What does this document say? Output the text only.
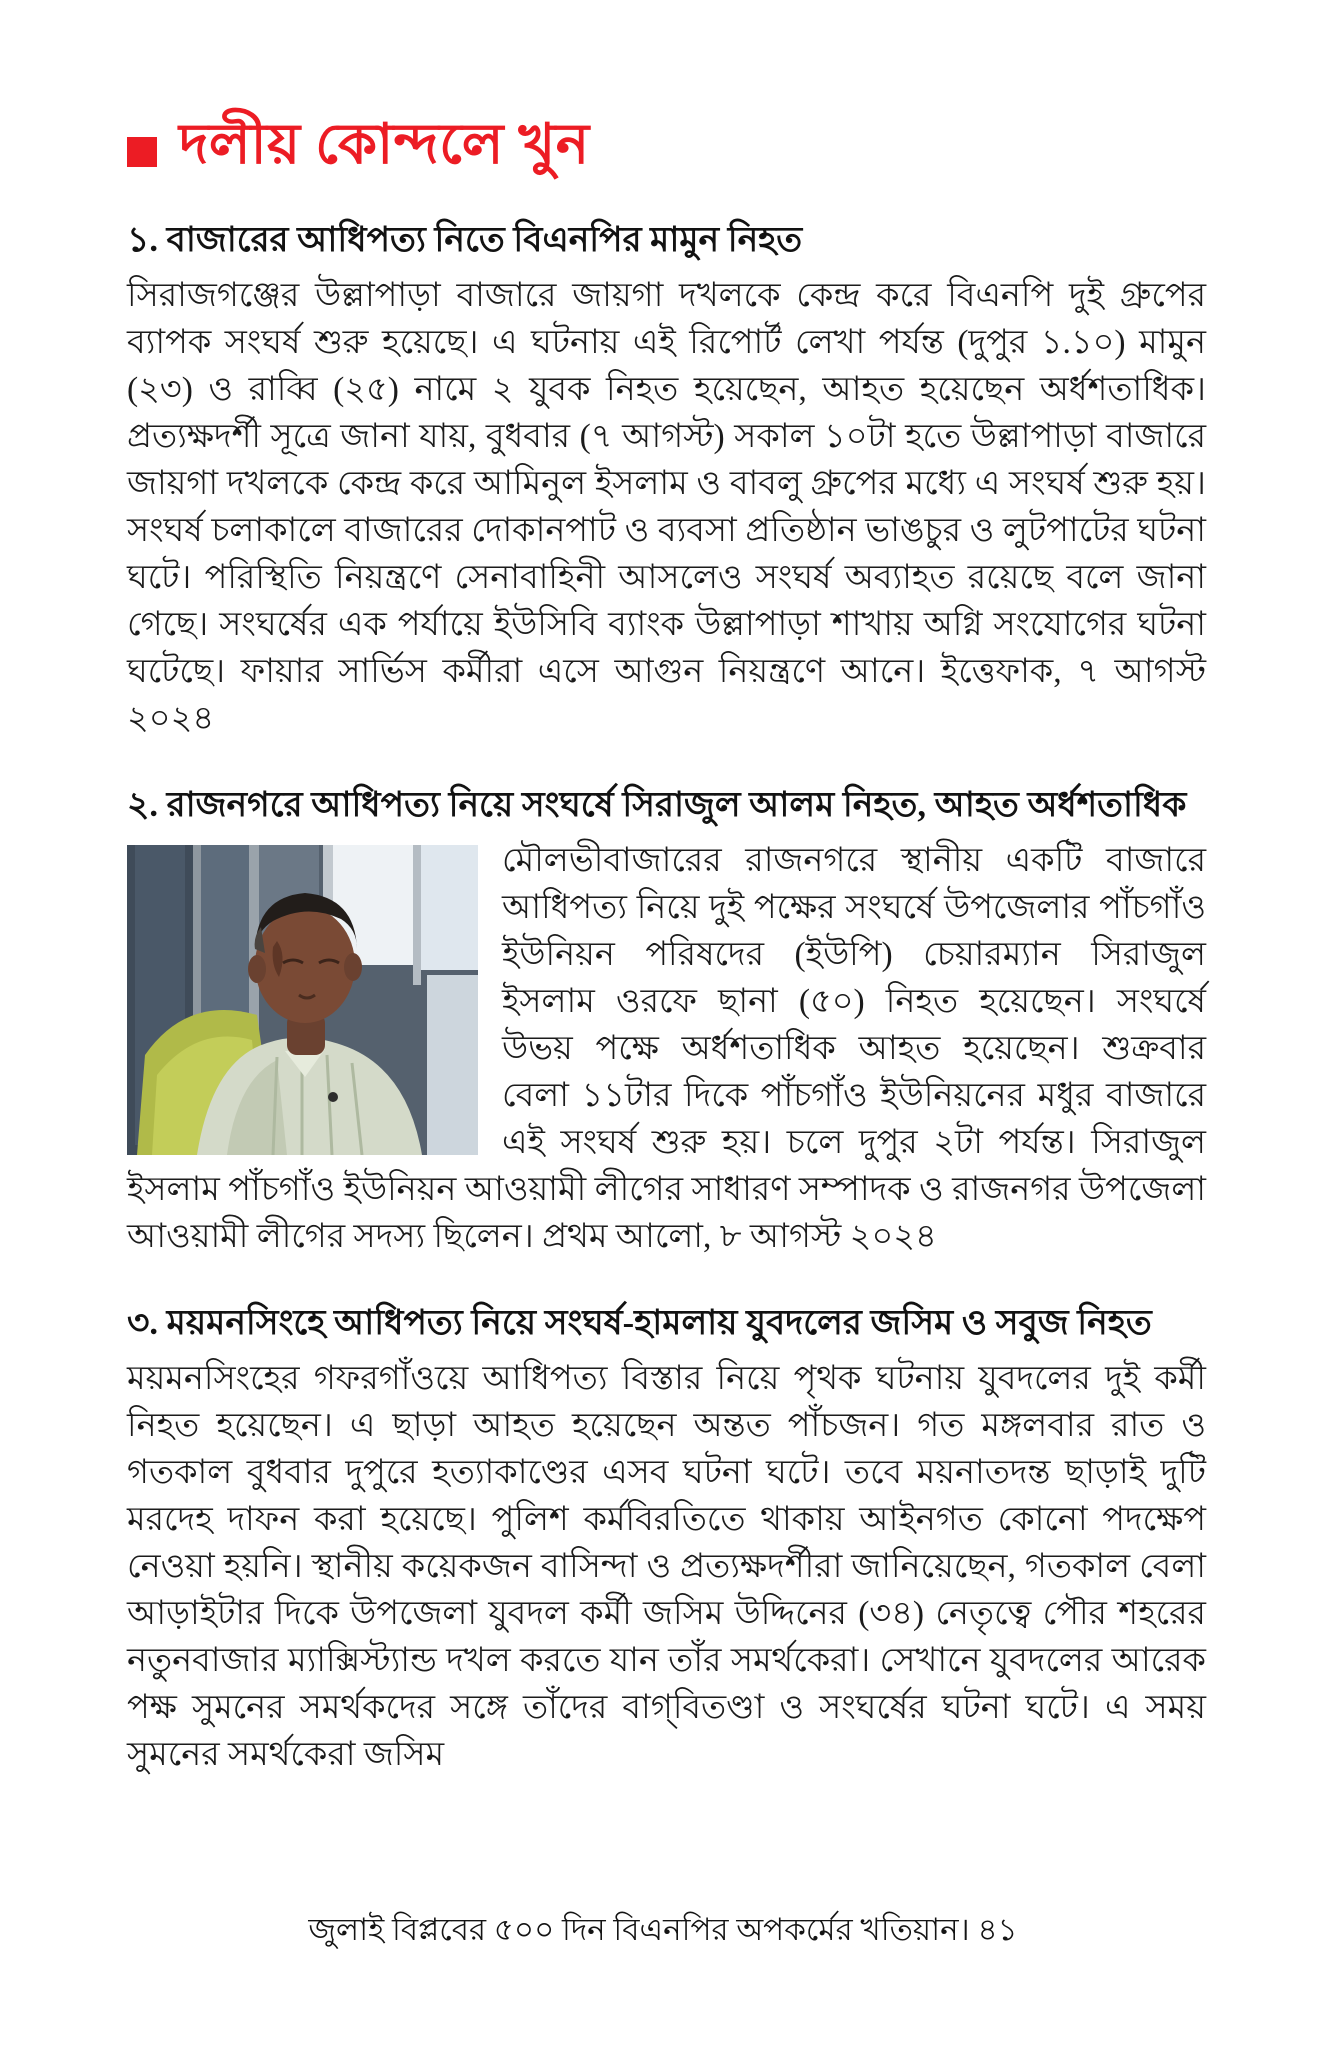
দলীয় কোন্দলে খুন
১. বাজারের আধিপত্য নিতে বিএনপির মামুন নিহত

সিরাজগঞ্জের উল্লাপাড়া বাজারে জায়গা দখলকে কেন্দ্র করে বিএনপি দুই গ্রুপের ব্যাপক সংঘর্ষ শুরু হয়েছে। এ ঘটনায় এই রিপোর্ট লেখা পর্যন্ত (দুপুর ১.১০) মামুন (২৩) ও রাব্বি (২৫) নামে ২ যুবক নিহত হয়েছেন, আহত হয়েছেন অর্ধশতাধিক। প্রত্যক্ষদর্শী সূত্রে জানা যায়, বুধবার (৭ আগস্ট) সকাল ১০টা হতে উল্লাপাড়া বাজারে জায়গা দখলকে কেন্দ্র করে আমিনুল ইসলাম ও বাবলু গ্রুপের মধ্যে এ সংঘর্ষ শুরু হয়। সংঘর্ষ চলাকালে বাজারের দোকানপাট ও ব্যবসা প্রতিষ্ঠান ভাঙচুর ও লুটপাটের ঘটনা ঘটে। পরিস্থিতি নিয়ন্ত্রণে সেনাবাহিনী আসলেও সংঘর্ষ অব্যাহত রয়েছে বলে জানা গেছে। সংঘর্ষের এক পর্যায়ে ইউসিবি ব্যাংক উল্লাপাড়া শাখায় অগ্নি সংযোগের ঘটনা ঘটেছে। ফায়ার সার্ভিস কর্মীরা এসে আগুন নিয়ন্ত্রণে আনে। ইত্তেফাক, ৭ আগস্ট ২০২৪

২. রাজনগরে আধিপত্য নিয়ে সংঘর্ষে সিরাজুল আলম নিহত, আহত অর্ধশতাধিক

মৌলভীবাজারের রাজনগরে স্থানীয় একটি বাজারে আধিপত্য নিয়ে দুই পক্ষের সংঘর্ষে উপজেলার পাঁচগাঁও ইউনিয়ন পরিষদের (ইউপি) চেয়ারম্যান সিরাজুল ইসলাম ওরফে ছানা (৫০) নিহত হয়েছেন। সংঘর্ষে উভয় পক্ষে অর্ধশতাধিক আহত হয়েছেন। শুক্রবার বেলা ১১টার দিকে পাঁচগাঁও ইউনিয়নের মধুর বাজারে এই সংঘর্ষ শুরু হয়। চলে দুপুর ২টা পর্যন্ত। সিরাজুল ইসলাম পাঁচগাঁও ইউনিয়ন আওয়ামী লীগের সাধারণ সম্পাদক ও রাজনগর উপজেলা আওয়ামী লীগের সদস্য ছিলেন। প্রথম আলো, ৮ আগস্ট ২০২৪

৩. ময়মনসিংহে আধিপত্য নিয়ে সংঘর্ষ-হামলায় যুবদলের জসিম ও সবুজ নিহত

ময়মনসিংহের গফরগাঁওয়ে আধিপত্য বিস্তার নিয়ে পৃথক ঘটনায় যুবদলের দুই কর্মী নিহত হয়েছেন। এ ছাড়া আহত হয়েছেন অন্তত পাঁচজন। গত মঙ্গলবার রাত ও গতকাল বুধবার দুপুরে হত্যাকাণ্ডের এসব ঘটনা ঘটে। তবে ময়নাতদন্ত ছাড়াই দুটি মরদেহ দাফন করা হয়েছে। পুলিশ কর্মবিরতিতে থাকায় আইনগত কোনো পদক্ষেপ নেওয়া হয়নি। স্থানীয় কয়েকজন বাসিন্দা ও প্রত্যক্ষদর্শীরা জানিয়েছেন, গতকাল বেলা আড়াইটার দিকে উপজেলা যুবদল কর্মী জসিম উদ্দিনের (৩৪) নেতৃত্বে পৌর শহরের নতুনবাজার ম্যাক্সিস্ট্যান্ড দখল করতে যান তাঁর সমর্থকেরা। সেখানে যুবদলের আরেক পক্ষ সুমনের সমর্থকদের সঙ্গে তাঁদের বাগ্‌বিতণ্ডা ও সংঘর্ষের ঘটনা ঘটে। এ সময় সুমনের সমর্থকেরা জসিম

জুলাই বিপ্লবের ৫০০ দিন বিএনপির অপকর্মের খতিয়ান। ৪১
